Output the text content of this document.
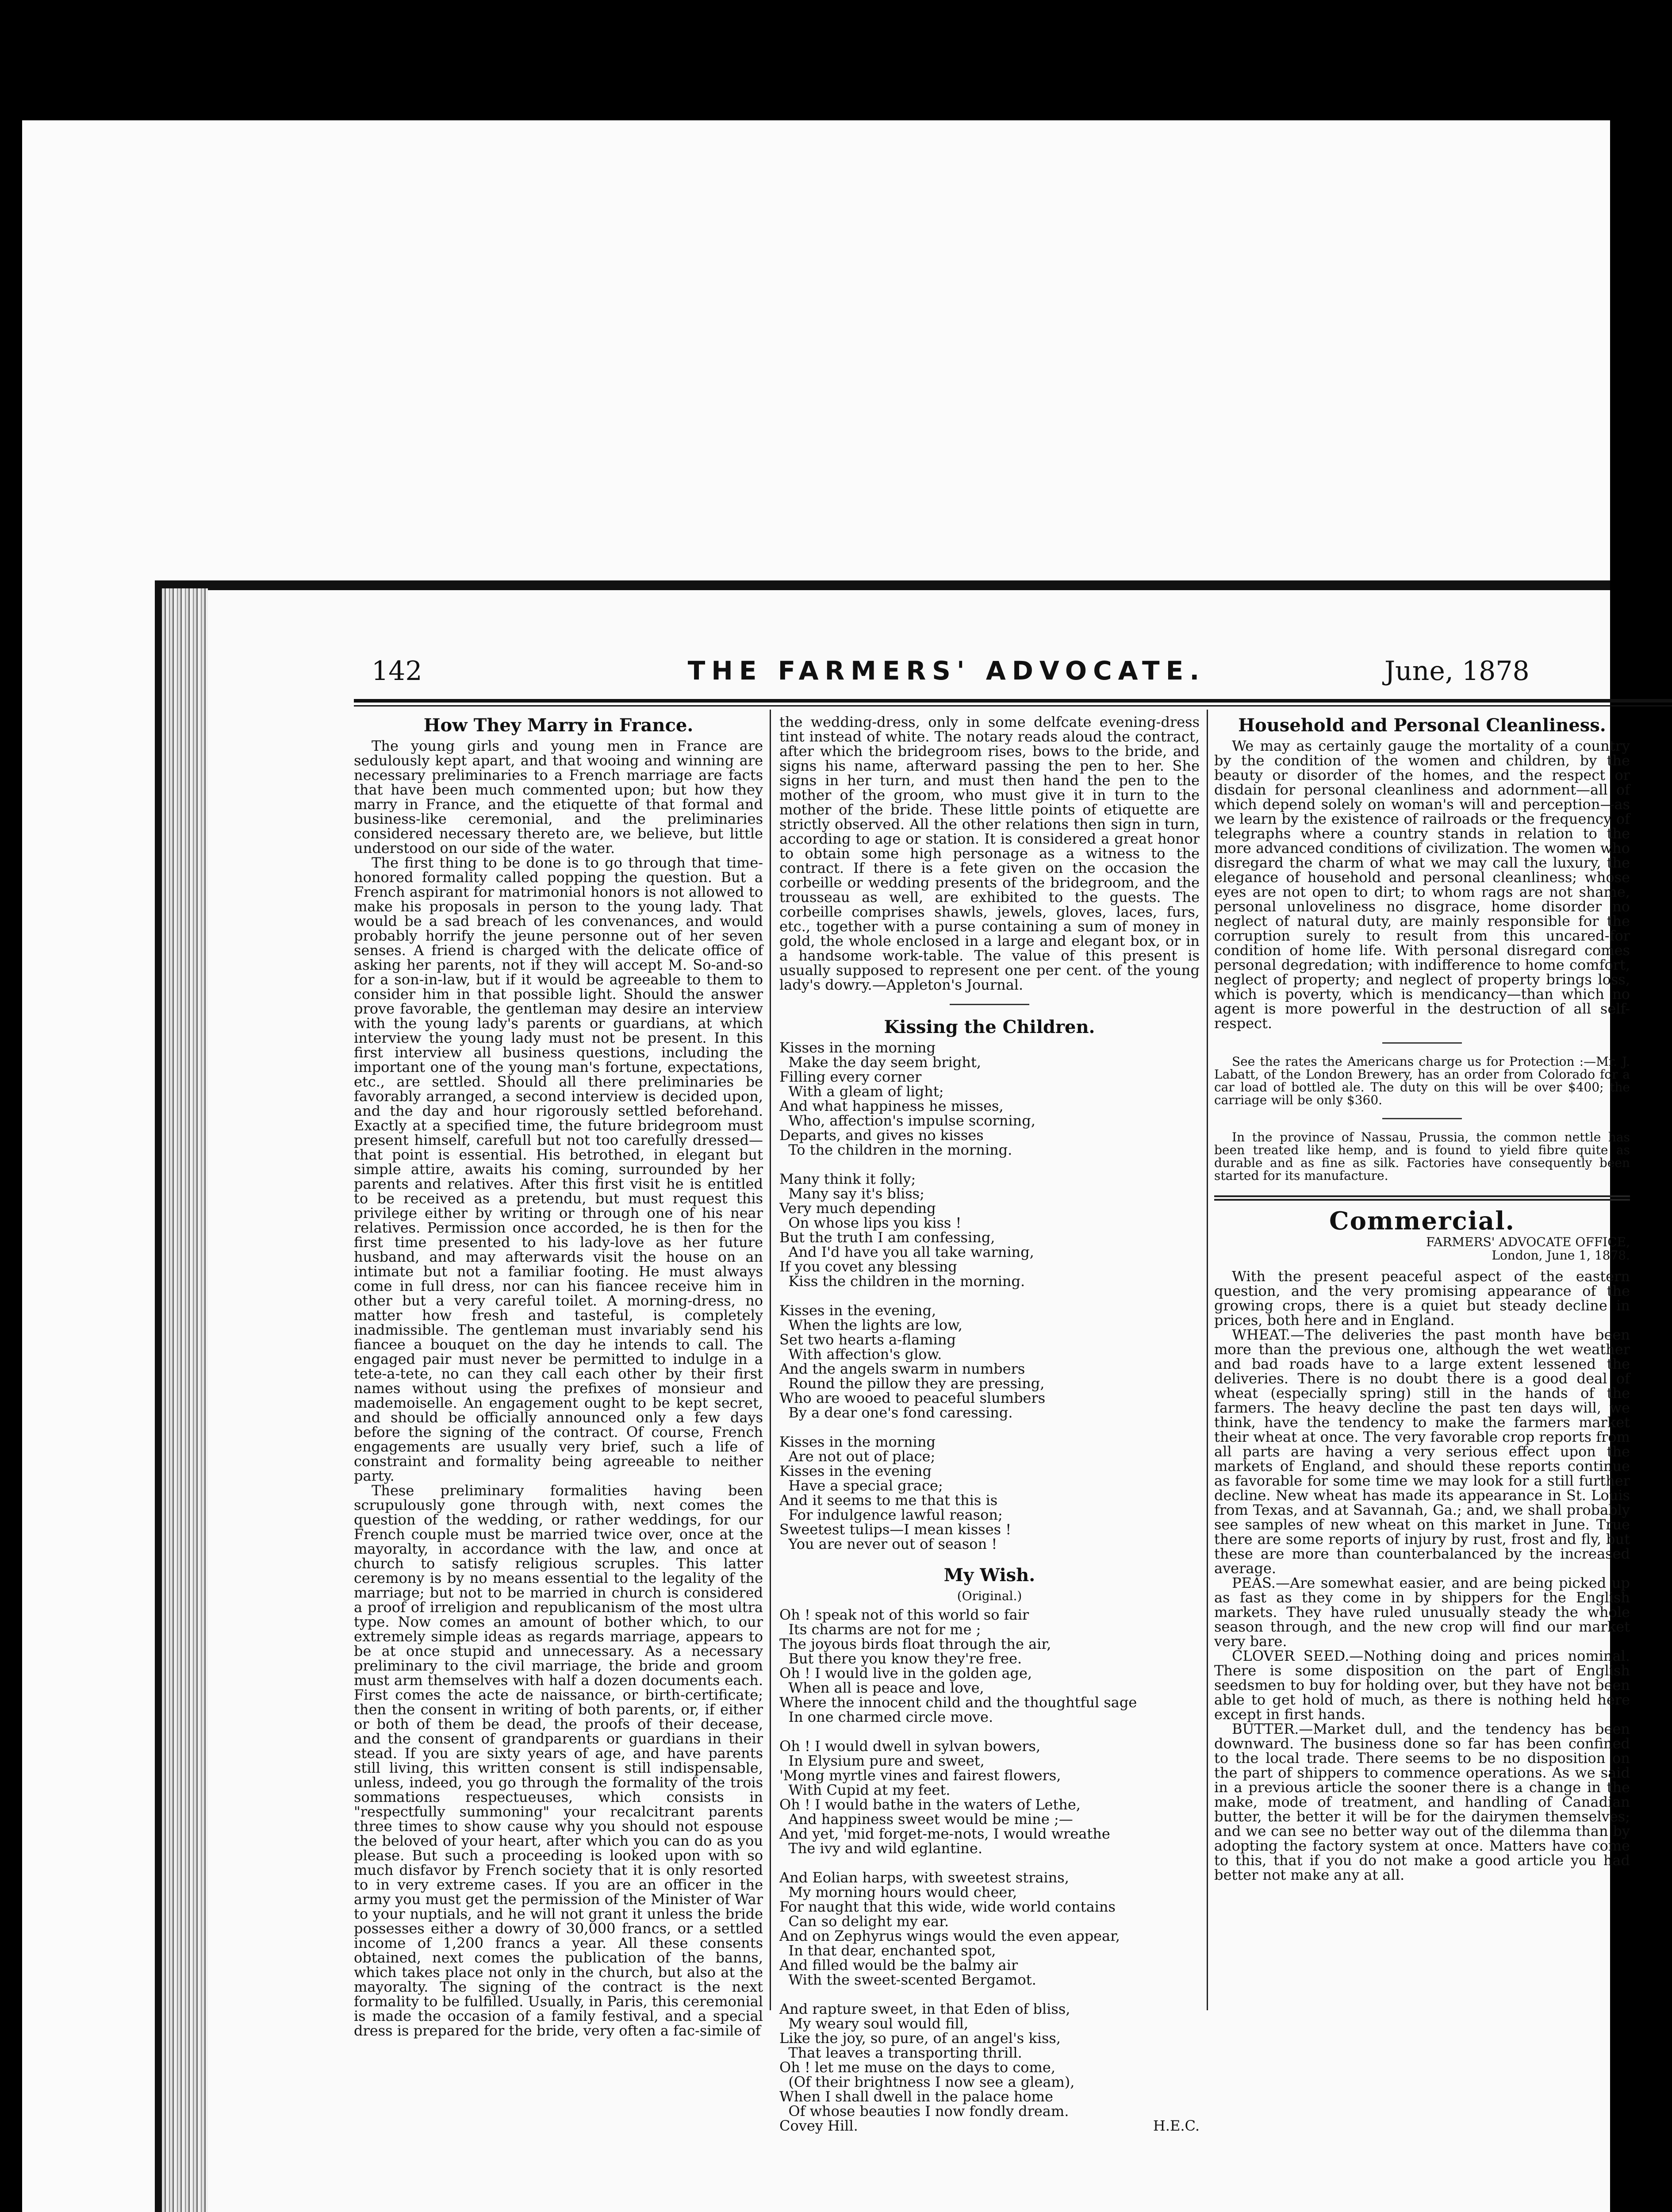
142	THE FARMERS' ADVOCATE.	June, 1878
How They Marry in France.

The young girls and young men in France are sedulously kept apart, and that wooing and winning are necessary preliminaries to a French marriage are facts that have been much commented upon; but how they marry in France, and the etiquette of that formal and business-like ceremonial, and the preliminaries considered necessary thereto are, we believe, but little understood on our side of the water.

The first thing to be done is to go through that time-honored formality called popping the question. But a French aspirant for matrimonial honors is not allowed to make his proposals in person to the young lady. That would be a sad breach of les convenances, and would probably horrify the jeune personne out of her seven senses. A friend is charged with the delicate office of asking her parents, not if they will accept M. So-and-so for a son-in-law, but if it would be agreeable to them to consider him in that possible light. Should the answer prove favorable, the gentleman may desire an interview with the young lady's parents or guardians, at which interview the young lady must not be present. In this first interview all business questions, including the important one of the young man's fortune, expectations, etc., are settled. Should all there preliminaries be favorably arranged, a second interview is decided upon, and the day and hour rigorously settled beforehand. Exactly at a specified time, the future bridegroom must present himself, carefull but not too carefully dressed—that point is essential. His betrothed, in elegant but simple attire, awaits his coming, surrounded by her parents and relatives. After this first visit he is entitled to be received as a pretendu, but must request this privilege either by writing or through one of his near relatives. Permission once accorded, he is then for the first time presented to his lady-love as her future husband, and may afterwards visit the house on an intimate but not a familiar footing. He must always come in full dress, nor can his fiancee receive him in other but a very careful toilet. A morning-dress, no matter how fresh and tasteful, is completely inadmissible. The gentleman must invariably send his fiancee a bouquet on the day he intends to call. The engaged pair must never be permitted to indulge in a tete-a-tete, no can they call each other by their first names without using the prefixes of monsieur and mademoiselle. An engagement ought to be kept secret, and should be officially announced only a few days before the signing of the contract. Of course, French engagements are usually very brief, such a life of constraint and formality being agreeable to neither party.

These preliminary formalities having been scrupulously gone through with, next comes the question of the wedding, or rather weddings, for our French couple must be married twice over, once at the mayoralty, in accordance with the law, and once at church to satisfy religious scruples. This latter ceremony is by no means essential to the legality of the marriage; but not to be married in church is considered a proof of irreligion and republicanism of the most ultra type. Now comes an amount of bother which, to our extremely simple ideas as regards marriage, appears to be at once stupid and unnecessary. As a necessary preliminary to the civil marriage, the bride and groom must arm themselves with half a dozen documents each. First comes the acte de naissance, or birth-certificate; then the consent in writing of both parents, or, if either or both of them be dead, the proofs of their decease, and the consent of grandparents or guardians in their stead. If you are sixty years of age, and have parents still living, this written consent is still indispensable, unless, indeed, you go through the formality of the trois sommations respectueuses, which consists in "respectfully summoning" your recalcitrant parents three times to show cause why you should not espouse the beloved of your heart, after which you can do as you please. But such a proceeding is looked upon with so much disfavor by French society that it is only resorted to in very extreme cases. If you are an officer in the army you must get the permission of the Minister of War to your nuptials, and he will not grant it unless the bride possesses either a dowry of 30,000 francs, or a settled income of 1,200 francs a year. All these consents obtained, next comes the publication of the banns, which takes place not only in the church, but also at the mayoralty. The signing of the contract is the next formality to be fulfilled. Usually, in Paris, this ceremonial is made the occasion of a family festival, and a special dress is prepared for the bride, very often a fac-simile of

the wedding-dress, only in some delfcate evening-dress tint instead of white. The notary reads aloud the contract, after which the bridegroom rises, bows to the bride, and signs his name, afterward passing the pen to her. She signs in her turn, and must then hand the pen to the mother of the groom, who must give it in turn to the mother of the bride. These little points of etiquette are strictly observed. All the other relations then sign in turn, according to age or station. It is considered a great honor to obtain some high personage as a witness to the contract. If there is a fete given on the occasion the corbeille or wedding presents of the bridegroom, and the trousseau as well, are exhibited to the guests. The corbeille comprises shawls, jewels, gloves, laces, furs, etc., together with a purse containing a sum of money in gold, the whole enclosed in a large and elegant box, or in a handsome work-table. The value of this present is usually supposed to represent one per cent. of the young lady's dowry.—Appleton's Journal.

Kissing the Children.
Kisses in the morning
Make the day seem bright,
Filling every corner
With a gleam of light;
And what happiness he misses,
Who, affection's impulse scorning,
Departs, and gives no kisses
To the children in the morning.

Many think it folly;
Many say it's bliss;
Very much depending
On whose lips you kiss !
But the truth I am confessing,
And I'd have you all take warning,
If you covet any blessing
Kiss the children in the morning.

Kisses in the evening,
When the lights are low,
Set two hearts a-flaming
With affection's glow.
And the angels swarm in numbers
Round the pillow they are pressing,
Who are wooed to peaceful slumbers
By a dear one's fond caressing.

Kisses in the morning
Are not out of place;
Kisses in the evening
Have a special grace;
And it seems to me that this is
For indulgence lawful reason;
Sweetest tulips—I mean kisses !
You are never out of season !
My Wish.
(Original.)
Oh ! speak not of this world so fair
Its charms are not for me ;
The joyous birds float through the air,
But there you know they're free.
Oh ! I would live in the golden age,
When all is peace and love,
Where the innocent child and the thoughtful sage
In one charmed circle move.

Oh ! I would dwell in sylvan bowers,
In Elysium pure and sweet,
'Mong myrtle vines and fairest flowers,
With Cupid at my feet.
Oh ! I would bathe in the waters of Lethe,
And happiness sweet would be mine ;—
And yet, 'mid forget-me-nots, I would wreathe
The ivy and wild eglantine.

And Eolian harps, with sweetest strains,
My morning hours would cheer,
For naught that this wide, wide world contains
Can so delight my ear.
And on Zephyrus wings would the even appear,
In that dear, enchanted spot,
And filled would be the balmy air
With the sweet-scented Bergamot.

And rapture sweet, in that Eden of bliss,
My weary soul would fill,
Like the joy, so pure, of an angel's kiss,
That leaves a transporting thrill.
Oh ! let me muse on the days to come,
(Of their brightness I now see a gleam),
When I shall dwell in the palace home
Of whose beauties I now fondly dream.
Covey Hill.	H.E.C.
Household and Personal Cleanliness.

We may as certainly gauge the mortality of a country by the condition of the women and children, by the beauty or disorder of the homes, and the respect or disdain for personal cleanliness and adornment—all of which depend solely on woman's will and perception—as we learn by the existence of railroads or the frequency of telegraphs where a country stands in relation to the more advanced conditions of civilization. The women who disregard the charm of what we may call the luxury, the elegance of household and personal cleanliness; whose eyes are not open to dirt; to whom rags are not shame, personal unloveliness no disgrace, home disorder no neglect of natural duty, are mainly responsible for the corruption surely to result from this uncared-for condition of home life. With personal disregard comes personal degredation; with indifference to home comfort, neglect of property; and neglect of property brings loss, which is poverty, which is mendicancy—than which no agent is more powerful in the destruction of all self-respect.

See the rates the Americans charge us for Protection :—Mr. J. Labatt, of the London Brewery, has an order from Colorado for a car load of bottled ale. The duty on this will be over $400; the carriage will be only $360.

In the province of Nassau, Prussia, the common nettle has been treated like hemp, and is found to yield fibre quite as durable and as fine as silk. Factories have consequently been started for its manufacture.

Commercial.
FARMERS' ADVOCATE OFFICE,
London, June 1, 1878.

With the present peaceful aspect of the eastern question, and the very promising appearance of the growing crops, there is a quiet but steady decline in prices, both here and in England.

WHEAT.—The deliveries the past month have been more than the previous one, although the wet weather and bad roads have to a large extent lessened the deliveries. There is no doubt there is a good deal of wheat (especially spring) still in the hands of the farmers. The heavy decline the past ten days will, we think, have the tendency to make the farmers market their wheat at once. The very favorable crop reports from all parts are having a very serious effect upon the markets of England, and should these reports continue as favorable for some time we may look for a still further decline. New wheat has made its appearance in St. Louis from Texas, and at Savannah, Ga.; and, we shall probably see samples of new wheat on this market in June. True there are some reports of injury by rust, frost and fly, but these are more than counterbalanced by the increased average.

PEAS.—Are somewhat easier, and are being picked up as fast as they come in by shippers for the English markets. They have ruled unusually steady the whole season through, and the new crop will find our market very bare.

CLOVER SEED.—Nothing doing and prices nominal. There is some disposition on the part of English seedsmen to buy for holding over, but they have not been able to get hold of much, as there is nothing held here except in first hands.

BUTTER.—Market dull, and the tendency has been downward. The business done so far has been confined to the local trade. There seems to be no disposition on the part of shippers to commence operations. As we said in a previous article the sooner there is a change in the make, mode of treatment, and handling of Canadian butter, the better it will be for the dairymen themselves; and we can see no better way out of the dilemma than by adopting the factory system at once. Matters have come to this, that if you do not make a good article you had better not make any at all.
